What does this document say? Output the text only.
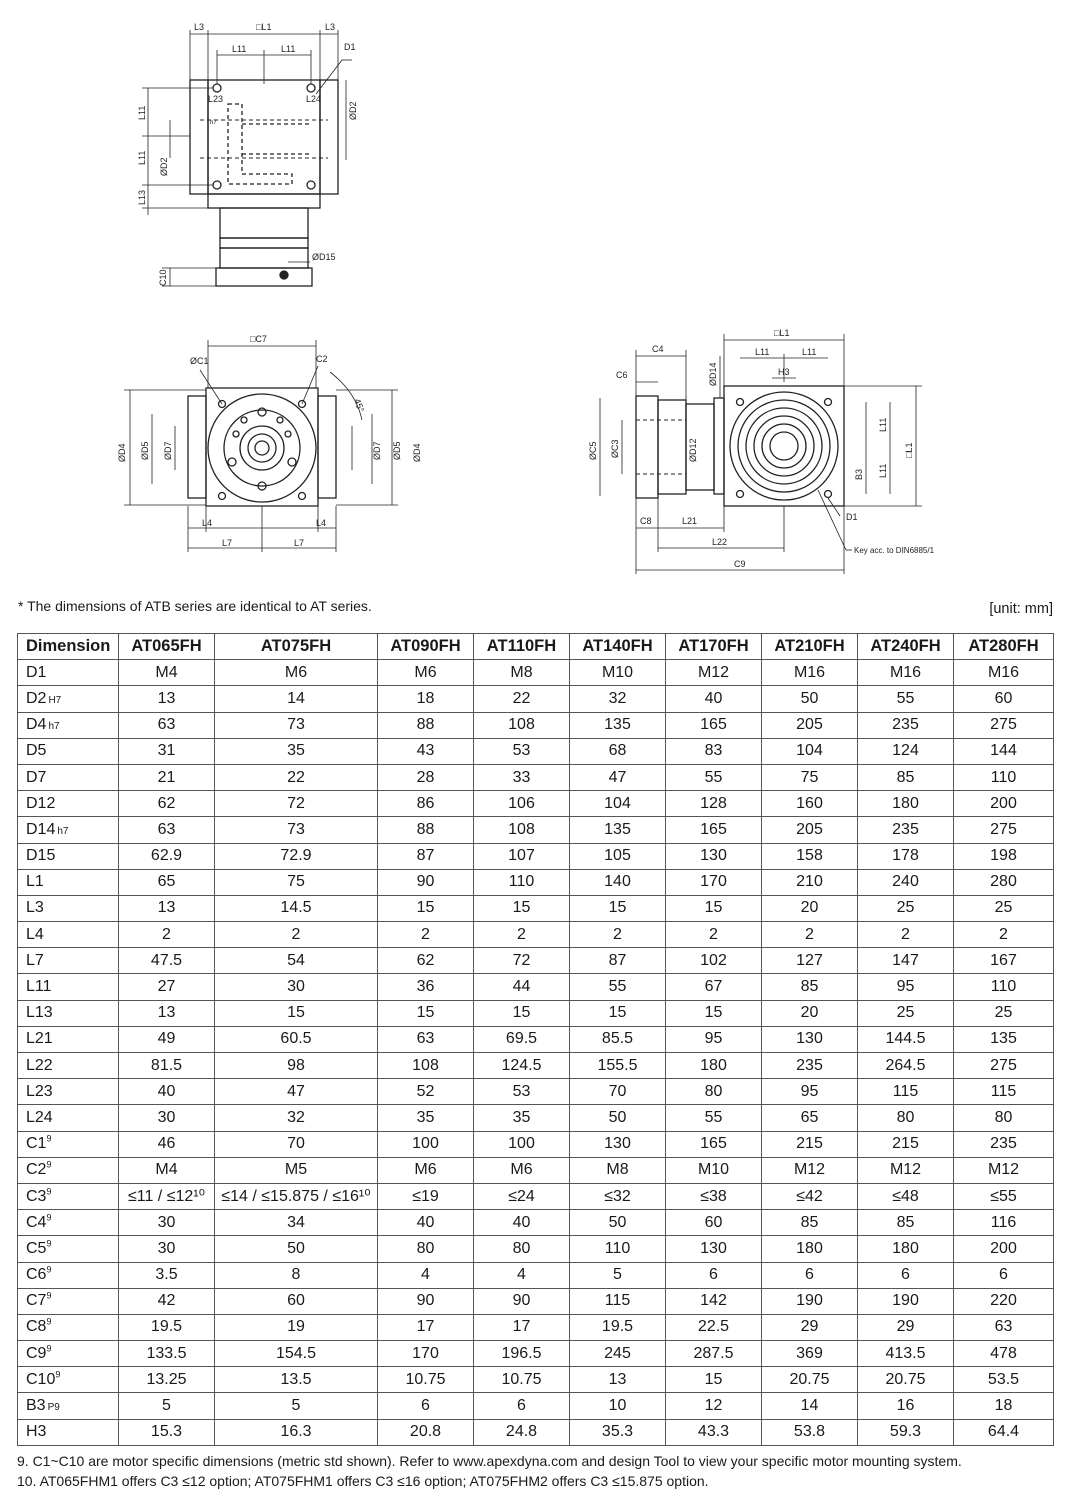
L3	□L1	L3
L11	L11	D1
L23	L24
ØD15
L11
L11
L13
ØD2
ØD2
C10
h7
□C7
ØC1	C2
45°
ØD4 ØD5 ØD7	ØD7 ØD5 ØD4
L4	L4
L7	L7
□L1
L11	L11
H3
C4
C6	ØD14
ØC5 ØC3	ØD12
L11
L11
B3
□L1
C8	L21
L22
C9
D1
Key acc. to DIN6885/1
* The dimensions of ATB series are identical to AT series.	[unit: mm]
Dimension	AT065FH	AT075FH	AT090FH	AT110FH	AT140FH	AT170FH	AT210FH	AT240FH	AT280FH
D1	M4	M6	M6	M8	M10	M12	M16	M16	M16
D2 H7	13	14	18	22	32	40	50	55	60
D4 h7	63	73	88	108	135	165	205	235	275
D5	31	35	43	53	68	83	104	124	144
D7	21	22	28	33	47	55	75	85	110
D12	62	72	86	106	104	128	160	180	200
D14 h7	63	73	88	108	135	165	205	235	275
D15	62.9	72.9	87	107	105	130	158	178	198
L1	65	75	90	110	140	170	210	240	280
L3	13	14.5	15	15	15	15	20	25	25
L4	2	2	2	2	2	2	2	2	2
L7	47.5	54	62	72	87	102	127	147	167
L11	27	30	36	44	55	67	85	95	110
L13	13	15	15	15	15	15	20	25	25
L21	49	60.5	63	69.5	85.5	95	130	144.5	135
L22	81.5	98	108	124.5	155.5	180	235	264.5	275
L23	40	47	52	53	70	80	95	115	115
L24	30	32	35	35	50	55	65	80	80
$C1^9$	46	70	100	100	130	165	215	215	235
$C2^9$	M4	M5	M6	M6	M8	M10	M12	M12	M12
$C3^9$	≤11 / ≤12¹⁰	≤14 / ≤15.875 / ≤16¹⁰	≤19	≤24	≤32	≤38	≤42	≤48	≤55
$C4^9$	30	34	40	40	50	60	85	85	116
$C5^9$	30	50	80	80	110	130	180	180	200
$C6^9$	3.5	8	4	4	5	6	6	6	6
$C7^9$	42	60	90	90	115	142	190	190	220
$C8^9$	19.5	19	17	17	19.5	22.5	29	29	63
$C9^9$	133.5	154.5	170	196.5	245	287.5	369	413.5	478
$C10^9$	13.25	13.5	10.75	10.75	13	15	20.75	20.75	53.5
B3 P9	5	5	6	6	10	12	14	16	18
H3	15.3	16.3	20.8	24.8	35.3	43.3	53.8	59.3	64.4
9. C1~C10 are motor specific dimensions (metric std shown). Refer to www.apexdyna.com and design Tool to view your specific motor mounting system.
10. AT065FHM1 offers C3 ≤12 option; AT075FHM1 offers C3 ≤16 option; AT075FHM2 offers C3 ≤15.875 option.
